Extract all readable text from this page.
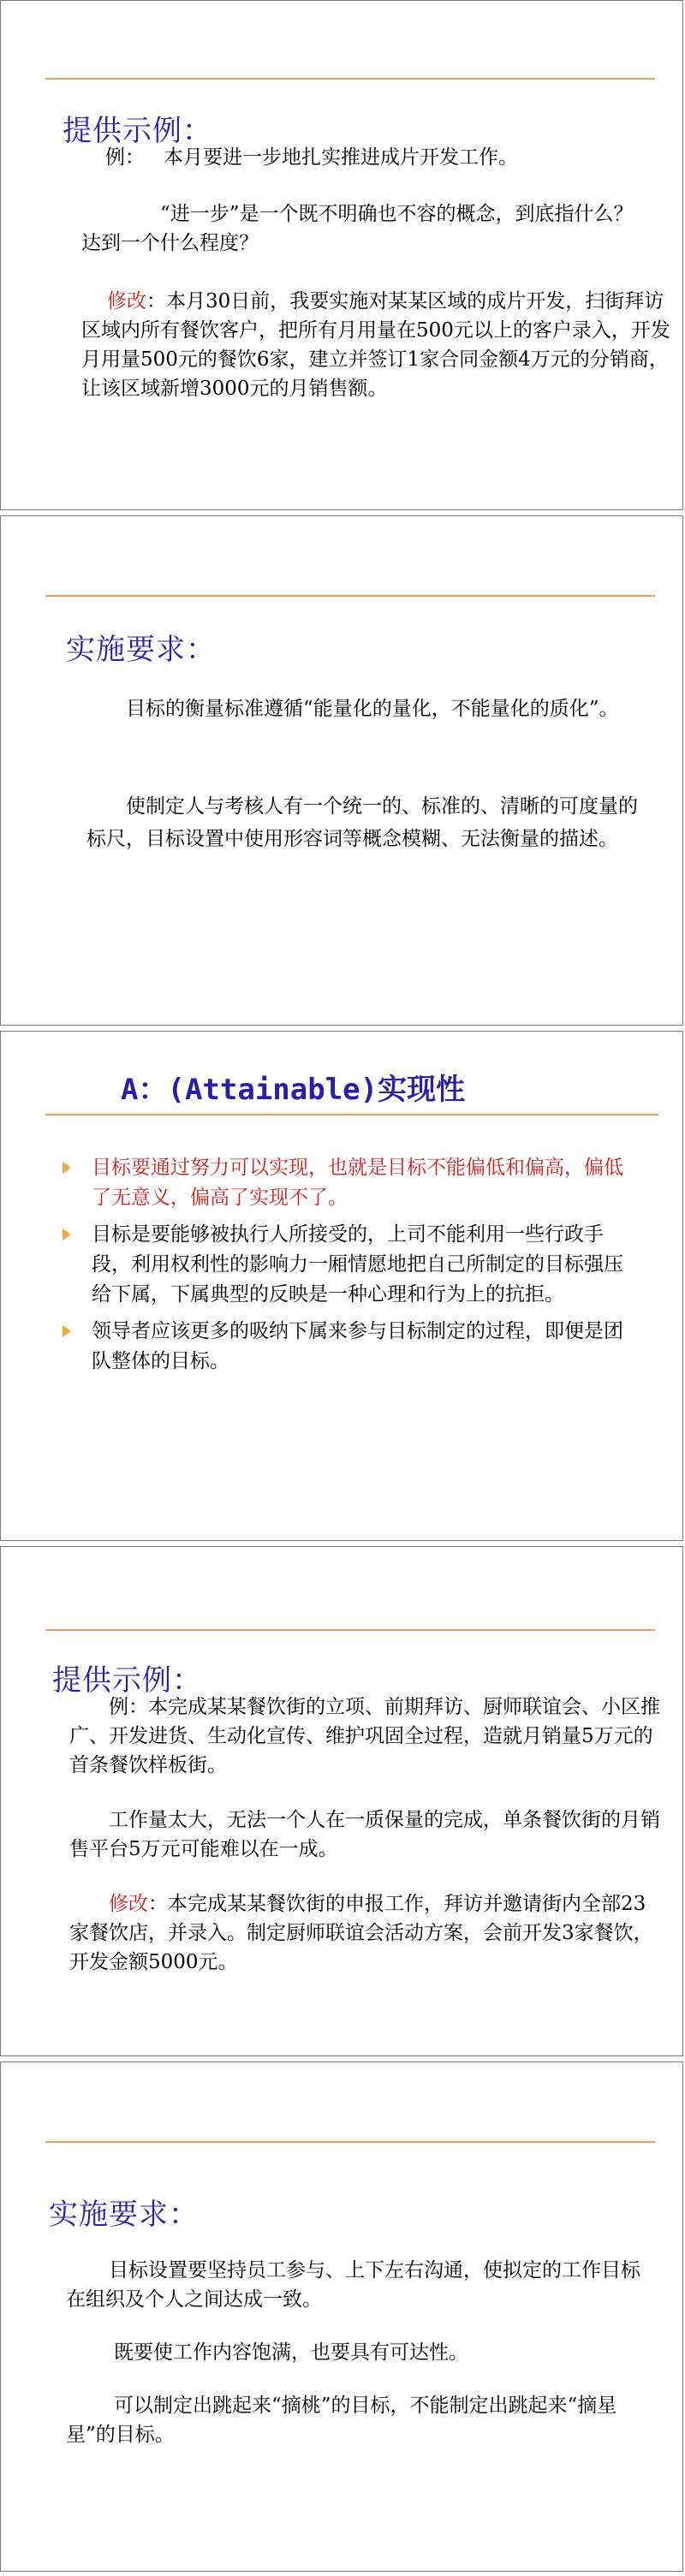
提供示例：
例： 本月要进一步地扎实推进成片开发工作。
“进一步”是一个既不明确也不容的概念，到底指什么？ 达到一个什么程度？
修改：本月30日前，我要实施对某某区域的成片开发，扫街拜访区域内所有餐饮客户，把所有月用量在500元以上的客户录入，开发月用量500元的餐饮6家，建立并签订1家合同金额4万元的分销商，让该区域新增3000元的月销售额。
实施要求：
目标的衡量标准遵循“能量化的量化，不能量化的质化”。
使制定人与考核人有一个统一的、标准的、清晰的可度量的标尺，目标设置中使用形容词等概念模糊、无法衡量的描述。
A：(Attainable)实现性
目标要通过努力可以实现，也就是目标不能偏低和偏高，偏低了无意义，偏高了实现不了。
目标是要能够被执行人所接受的，上司不能利用一些行政手段，利用权利性的影响力一厢情愿地把自己所制定的目标强压给下属，下属典型的反映是一种心理和行为上的抗拒。
领导者应该更多的吸纳下属来参与目标制定的过程，即便是团队整体的目标。
提供示例：
例：本完成某某餐饮街的立项、前期拜访、厨师联谊会、小区推广、开发进货、生动化宣传、维护巩固全过程，造就月销量5万元的首条餐饮样板街。
工作量太大，无法一个人在一质保量的完成，单条餐饮街的月销售平台5万元可能难以在一成。
修改：本完成某某餐饮街的申报工作，拜访并邀请街内全部23家餐饮店，并录入。制定厨师联谊会活动方案，会前开发3家餐饮，开发金额5000元。
实施要求：
目标设置要坚持员工参与、上下左右沟通，使拟定的工作目标在组织及个人之间达成一致。
既要使工作内容饱满，也要具有可达性。
可以制定出跳起来“摘桃”的目标，不能制定出跳起来“摘星星”的目标。
